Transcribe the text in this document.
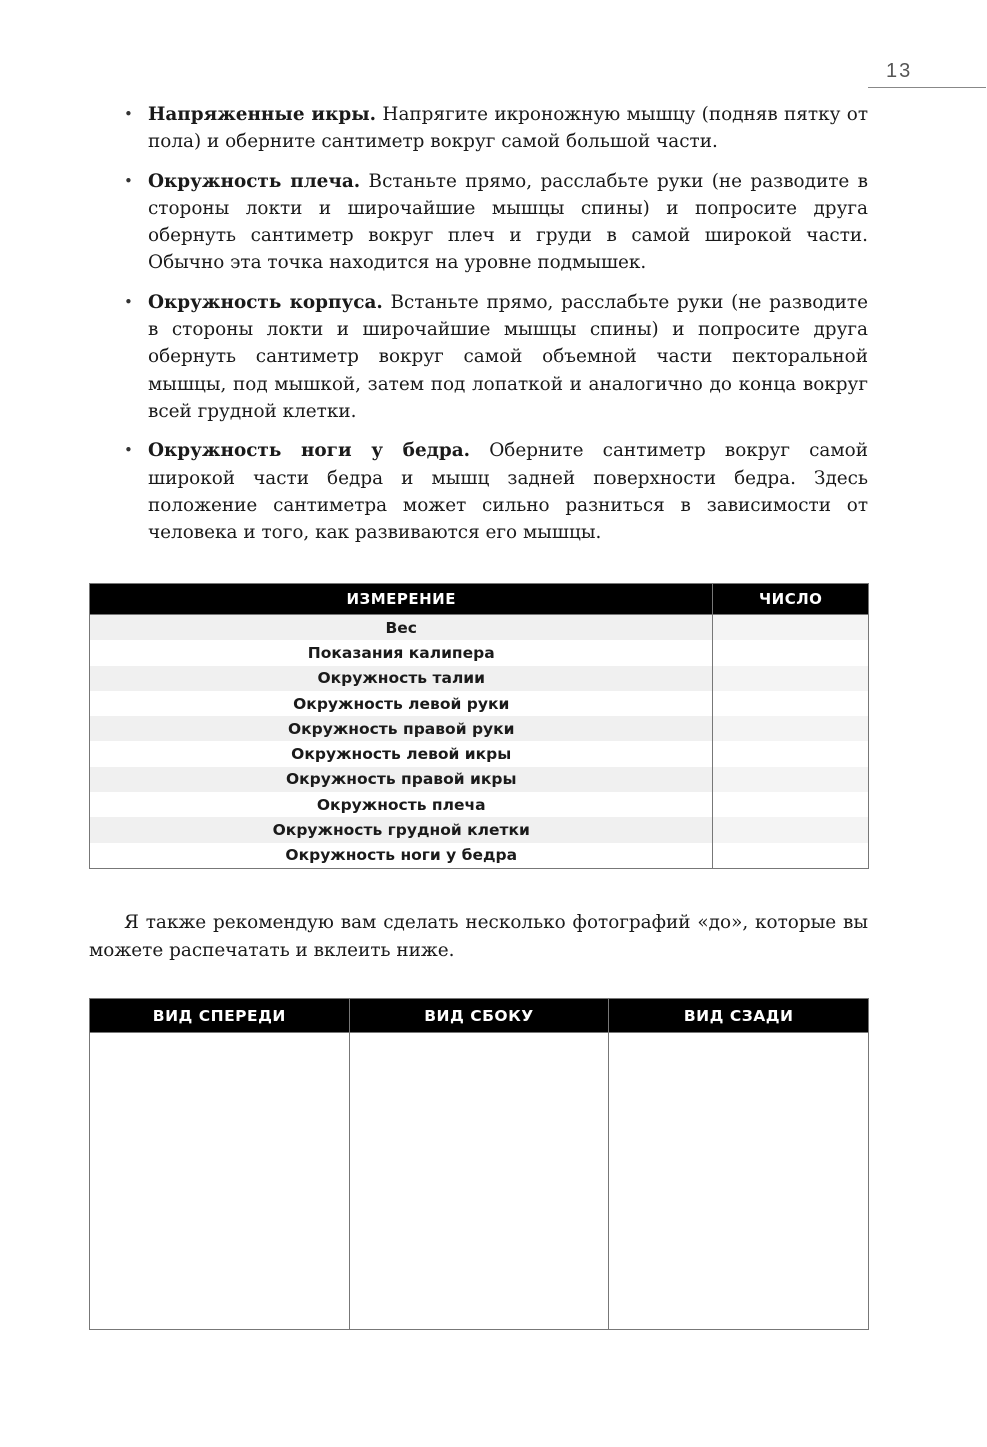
13
• Напряженные икры. Напрягите икроножную мышцу (подняв пятку от пола) и оберните сантиметр вокруг самой большой части.
• Окружность плеча. Встаньте прямо, расслабьте руки (не разводите в стороны локти и широчайшие мышцы спины) и попросите друга обернуть сантиметр вокруг плеч и груди в самой широкой части. Обычно эта точка находится на уровне подмышек.
• Окружность корпуса. Встаньте прямо, расслабьте руки (не разводите в стороны локти и широчайшие мышцы спины) и попросите друга обернуть сантиметр вокруг самой объемной части пекторальной мышцы, под мышкой, затем под лопаткой и аналогично до конца вокруг всей грудной клетки.
• Окружность ноги у бедра. Оберните сантиметр вокруг самой широкой части бедра и мышц задней поверхности бедра. Здесь положение сантиметра может сильно разниться в зависимости от человека и того, как развиваются его мышцы.
ИЗМЕРЕНИЕ	ЧИСЛО
Вес	
Показания калипера	
Окружность талии	
Окружность левой руки	
Окружность правой руки	
Окружность левой икры	
Окружность правой икры	
Окружность плеча	
Окружность грудной клетки	
Окружность ноги у бедра	

Я также рекомендую вам сделать несколько фотографий «до», которые вы можете распечатать и вклеить ниже.

ВИД СПЕРЕДИ	ВИД СБОКУ	ВИД СЗАДИ
